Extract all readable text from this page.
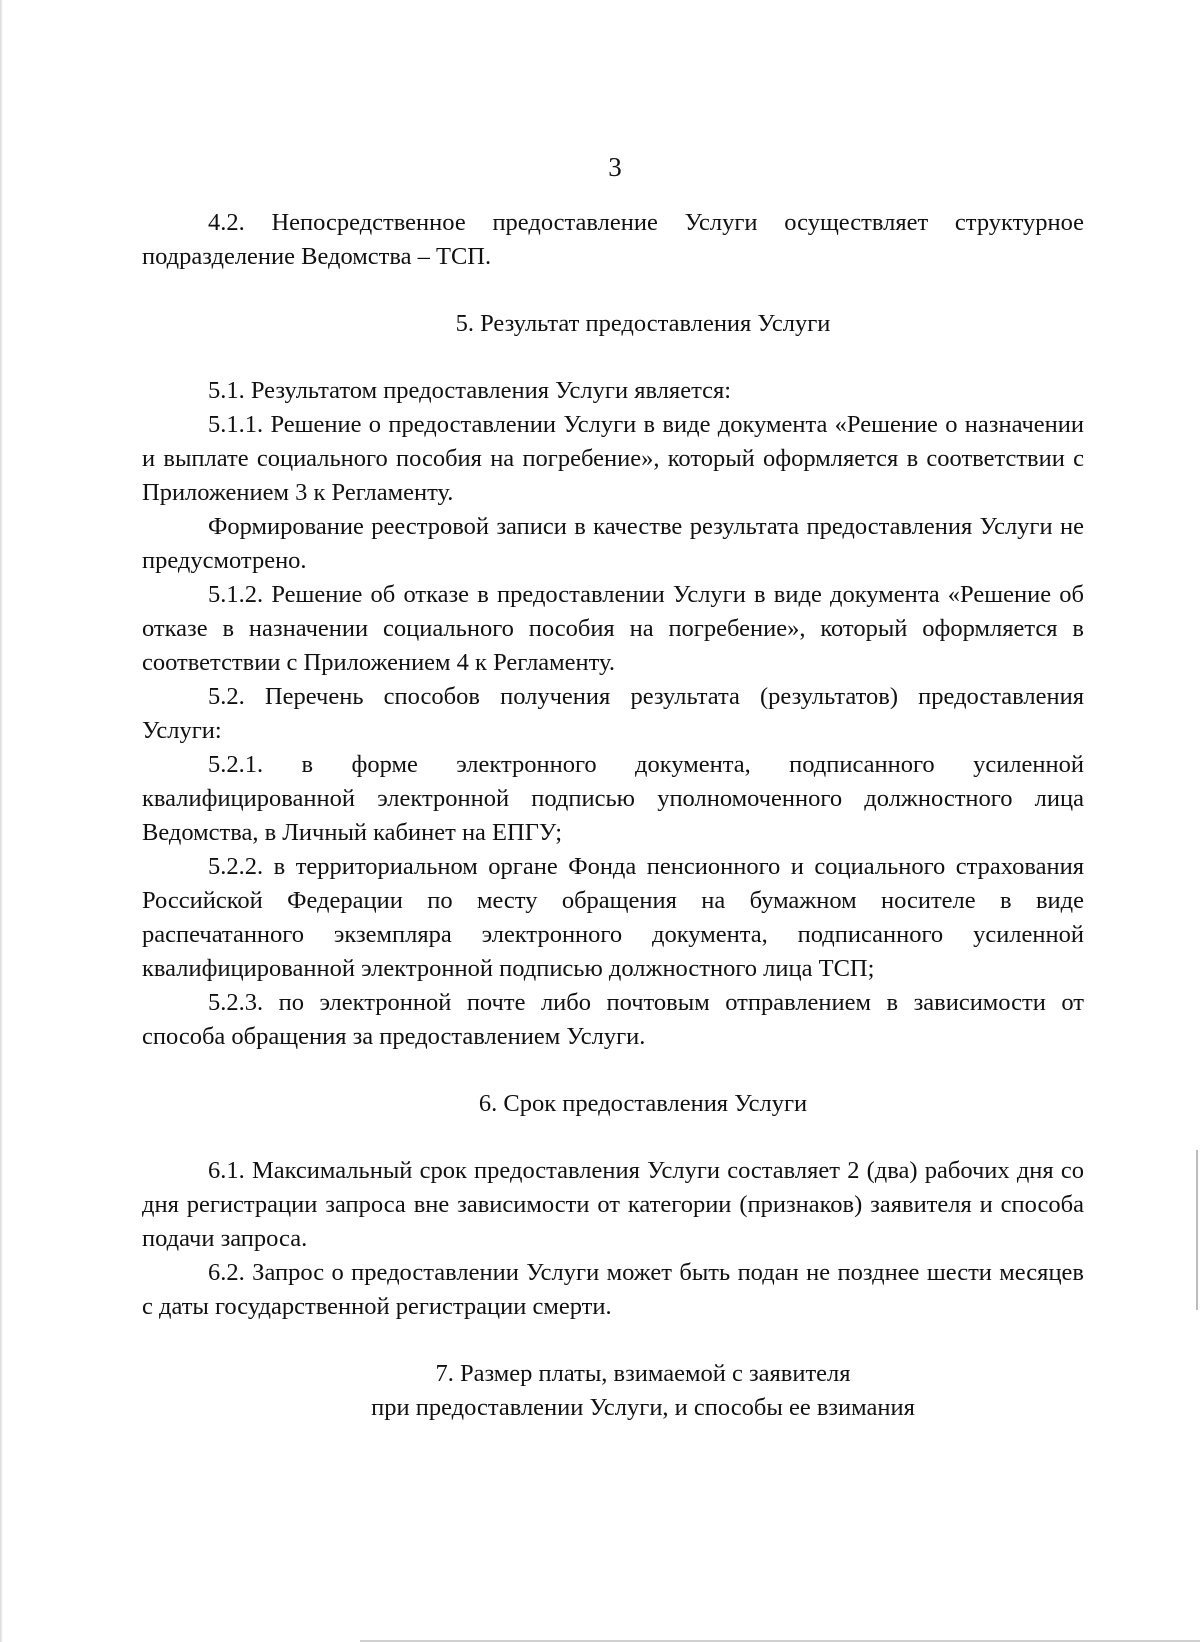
3

4.2. Непосредственное предоставление Услуги осуществляет структурное подразделение Ведомства – ТСП.

5. Результат предоставления Услуги

5.1. Результатом предоставления Услуги является:

5.1.1. Решение о предоставлении Услуги в виде документа «Решение о назначении и выплате социального пособия на погребение», который оформляется в соответствии с Приложением 3 к Регламенту.

Формирование реестровой записи в качестве результата предоставления Услуги не предусмотрено.

5.1.2. Решение об отказе в предоставлении Услуги в виде документа «Решение об отказе в назначении социального пособия на погребение», который оформляется в соответствии с Приложением 4 к Регламенту.

5.2. Перечень способов получения результата (результатов) предоставления Услуги:

5.2.1. в форме электронного документа, подписанного усиленной квалифицированной электронной подписью уполномоченного должностного лица Ведомства, в Личный кабинет на ЕПГУ;

5.2.2. в территориальном органе Фонда пенсионного и социального страхования Российской Федерации по месту обращения на бумажном носителе в виде распечатанного экземпляра электронного документа, подписанного усиленной квалифицированной электронной подписью должностного лица ТСП;

5.2.3. по электронной почте либо почтовым отправлением в зависимости от способа обращения за предоставлением Услуги.

6. Срок предоставления Услуги

6.1. Максимальный срок предоставления Услуги составляет 2 (два) рабочих дня со дня регистрации запроса вне зависимости от категории (признаков) заявителя и способа подачи запроса.

6.2. Запрос о предоставлении Услуги может быть подан не позднее шести месяцев с даты государственной регистрации смерти.

7. Размер платы, взимаемой с заявителя
при предоставлении Услуги, и способы ее взимания
